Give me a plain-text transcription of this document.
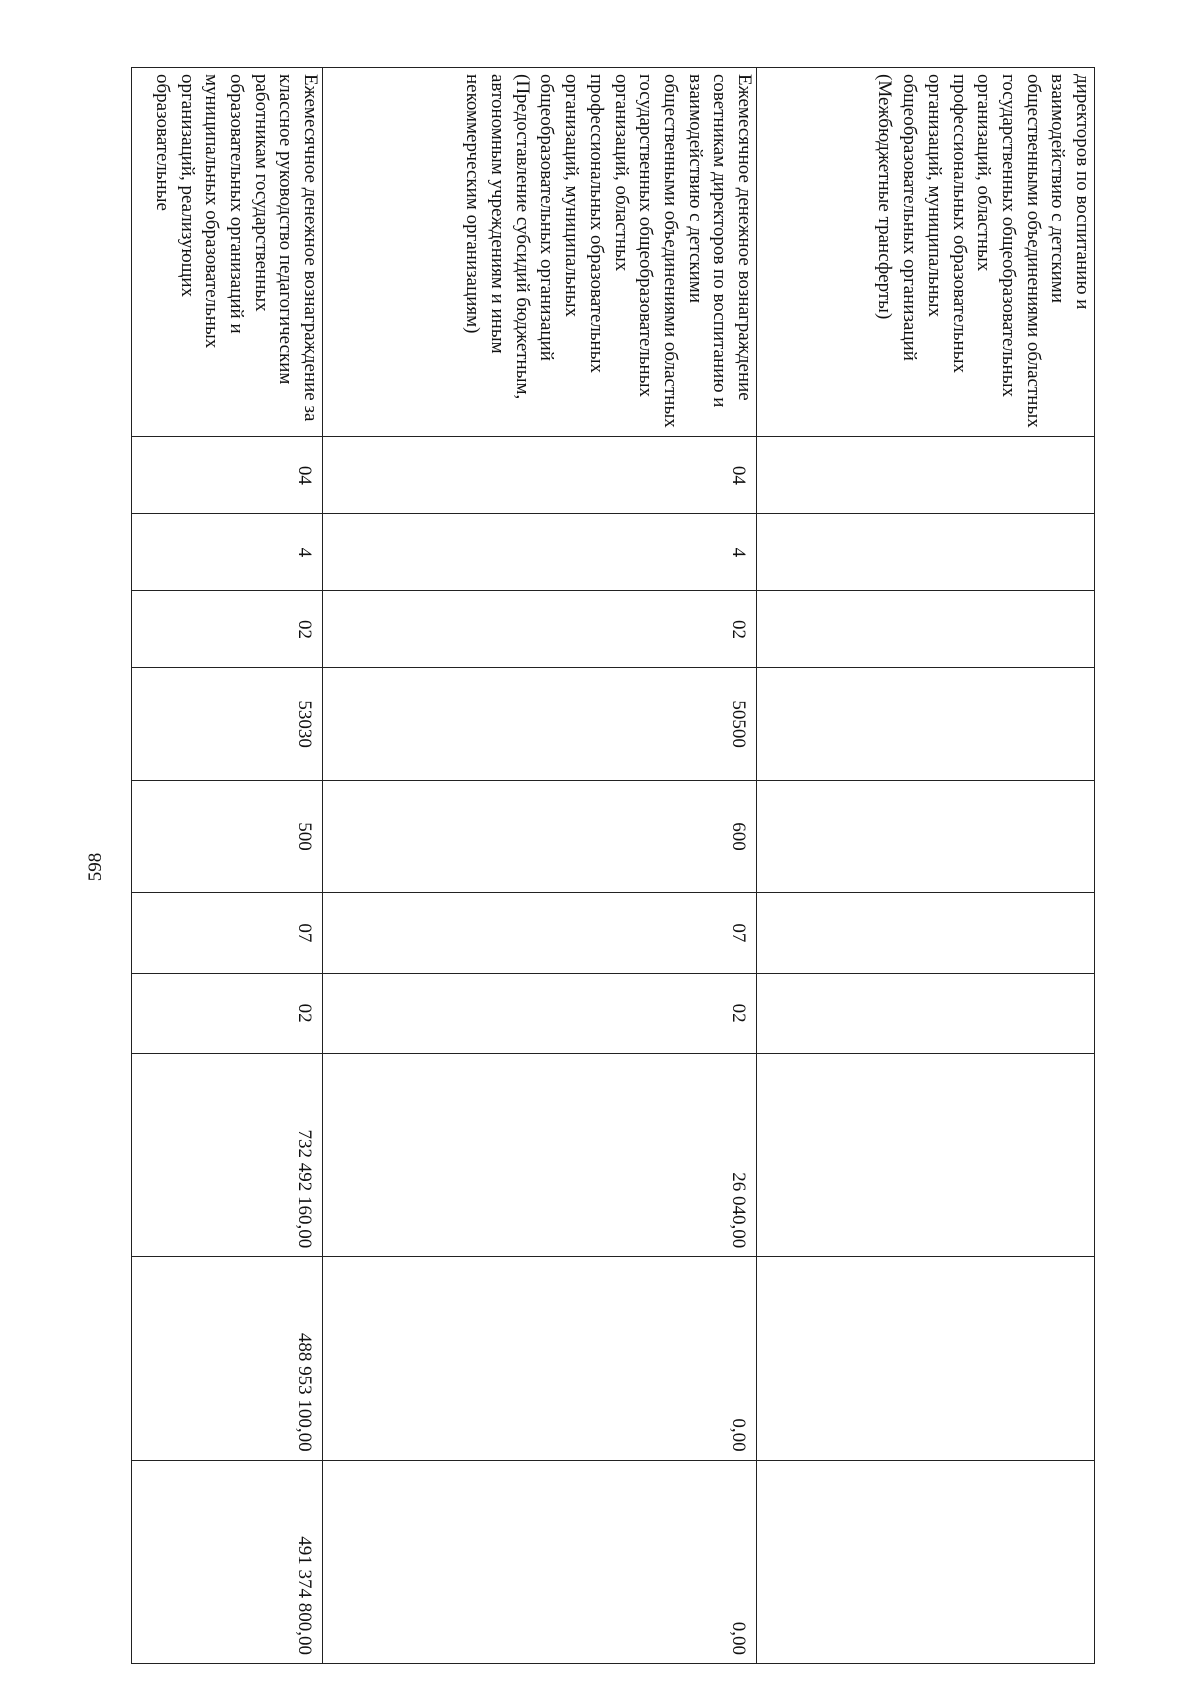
598
директоров по воспитанию и взаимодействию с детскими общественными объединениями областных государственных общеобразовательных организаций, областных профессиональных образовательных организаций, муниципальных общеобразовательных организаций (Межбюджетные трансферты)										
Ежемесячное денежное вознаграждение советникам директоров по воспитанию и взаимодействию с детскими общественными объединениями областных государственных общеобразовательных организаций, областных профессиональных образовательных организаций, муниципальных общеобразовательных организаций (Предоставление субсидий бюджетным, автономным учреждениям и иным некоммерческим организациям)	04	4	02	50500	600	07	02	26 040,00	0,00	0,00
Ежемесячное денежное вознаграждение за классное руководство педагогическим работникам государственных образовательных организаций и муниципальных образовательных организаций, реализующих образовательные	04	4	02	53030	500	07	02	732 492 160,00	488 953 100,00	491 374 800,00
